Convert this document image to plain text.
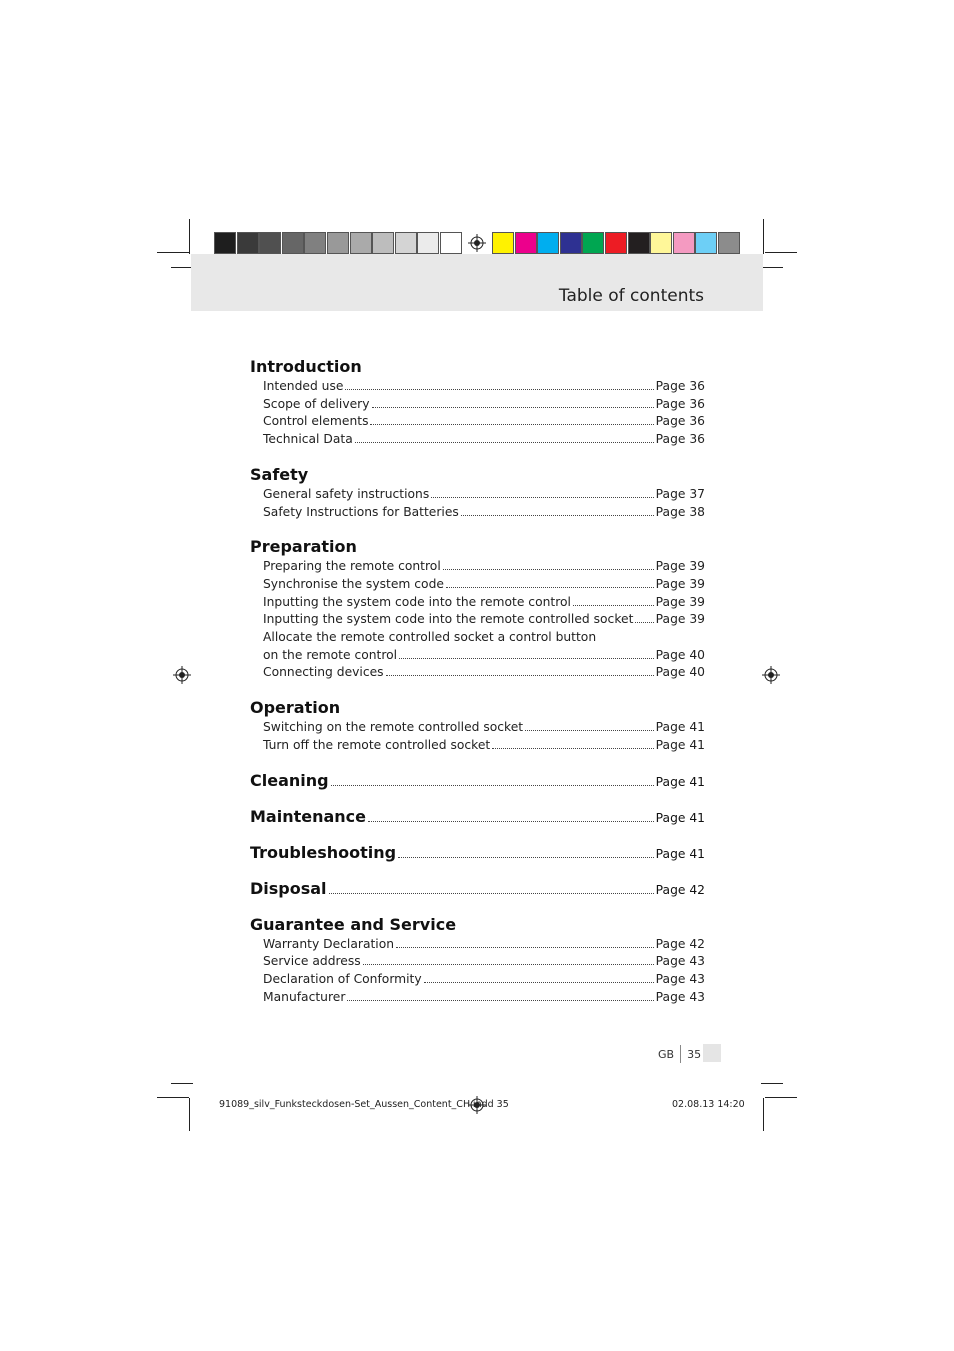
Table of contents
Introduction
Intended use	Page 36
Scope of delivery	Page 36
Control elements	Page 36
Technical Data	Page 36
Safety
General safety instructions	Page 37
Safety Instructions for Batteries	Page 38
Preparation
Preparing the remote control	Page 39
Synchronise the system code	Page 39
Inputting the system code into the remote control	Page 39
Inputting the system code into the remote controlled socket Page 39
Allocate the remote controlled socket a control button
on the remote control	Page 40
Connecting devices	Page 40
Operation
Switching on the remote controlled socket	Page 41
Turn off the remote controlled socket	Page 41
Cleaning	Page 41
Maintenance	Page 41
Troubleshooting	Page 41
Disposal	Page 42
Guarantee and Service
Warranty Declaration	Page 42
Service address	Page 43
Declaration of Conformity	Page 43
Manufacturer	Page 43
GB 35
91089_silv_Funksteckdosen-Set_Aussen_Content_CH.indd 35	02.08.13 14:20
